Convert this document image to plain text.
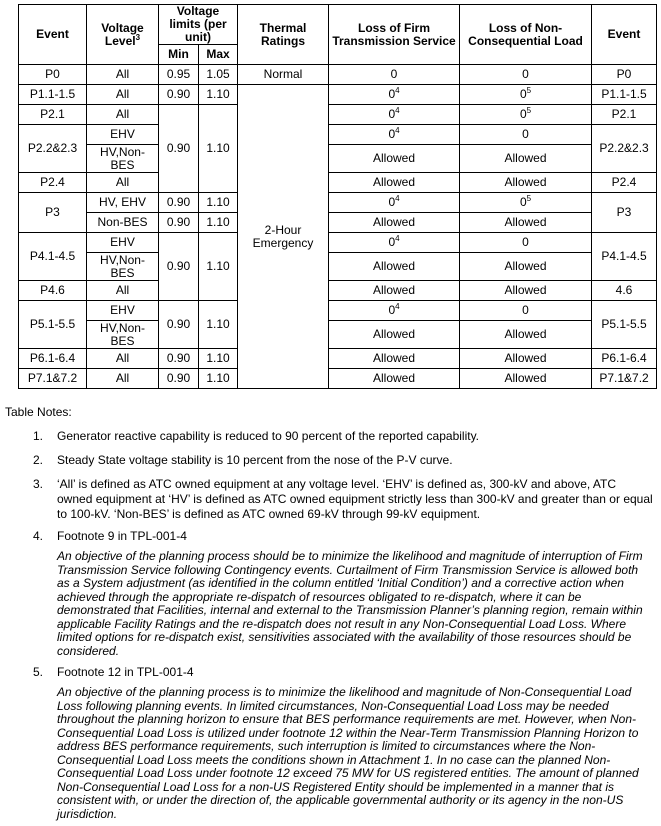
Event	Voltage Level$^3$	Voltage limits (per unit)		Thermal Ratings	Loss of Firm Transmission Service	Loss of Non-Consequential Load	Event
		Min	Max				
P0	All	0.95	1.05	Normal	0	0	P0
P1.1-1.5	All	0.90	1.10	2-Hour Emergency	$0^4$	$0^5$	P1.1-1.5
P2.1	All	0.90	1.10		$0^4$	$0^5$	P2.1
P2.2&2.3	EHV				$0^4$	0	P2.2&2.3
	HV,Non-BES				Allowed	Allowed	
P2.4	All				Allowed	Allowed	P2.4
P3	HV, EHV	0.90	1.10		$0^4$	$0^5$	P3
	Non-BES	0.90	1.10		Allowed	Allowed	
P4.1-4.5	EHV	0.90	1.10		$0^4$	0	P4.1-4.5
	HV,Non-BES				Allowed	Allowed	
P4.6	All				Allowed	Allowed	4.6
P5.1-5.5	EHV	0.90	1.10		$0^4$	0	P5.1-5.5
	HV,Non-BES				Allowed	Allowed	
P6.1-6.4	All	0.90	1.10		Allowed	Allowed	P6.1-6.4
P7.1&7.2	All	0.90	1.10		Allowed	Allowed	P7.1&7.2
Table Notes:
1. Generator reactive capability is reduced to 90 percent of the reported capability.
2. Steady State voltage stability is 10 percent from the nose of the P-V curve.
3. ‘All’ is defined as ATC owned equipment at any voltage level. ‘EHV’ is defined as, 300-kV and above, ATC owned equipment at ‘HV’ is defined as ATC owned equipment strictly less than 300-kV and greater than or equal to 100-kV. ‘Non-BES’ is defined as ATC owned 69-kV through 99-kV equipment.
4. Footnote 9 in TPL-001-4
An objective of the planning process should be to minimize the likelihood and magnitude of interruption of Firm Transmission Service following Contingency events. Curtailment of Firm Transmission Service is allowed both as a System adjustment (as identified in the column entitled ‘Initial Condition’) and a corrective action when achieved through the appropriate re-dispatch of resources obligated to re-dispatch, where it can be demonstrated that Facilities, internal and external to the Transmission Planner’s planning region, remain within applicable Facility Ratings and the re-dispatch does not result in any Non-Consequential Load Loss. Where limited options for re-dispatch exist, sensitivities associated with the availability of those resources should be considered.
5. Footnote 12 in TPL-001-4
An objective of the planning process is to minimize the likelihood and magnitude of Non-Consequential Load Loss following planning events. In limited circumstances, Non-Consequential Load Loss may be needed throughout the planning horizon to ensure that BES performance requirements are met. However, when Non-Consequential Load Loss is utilized under footnote 12 within the Near-Term Transmission Planning Horizon to address BES performance requirements, such interruption is limited to circumstances where the Non-Consequential Load Loss meets the conditions shown in Attachment 1. In no case can the planned Non-Consequential Load Loss under footnote 12 exceed 75 MW for US registered entities. The amount of planned Non-Consequential Load Loss for a non-US Registered Entity should be implemented in a manner that is consistent with, or under the direction of, the applicable governmental authority or its agency in the non-US jurisdiction.
